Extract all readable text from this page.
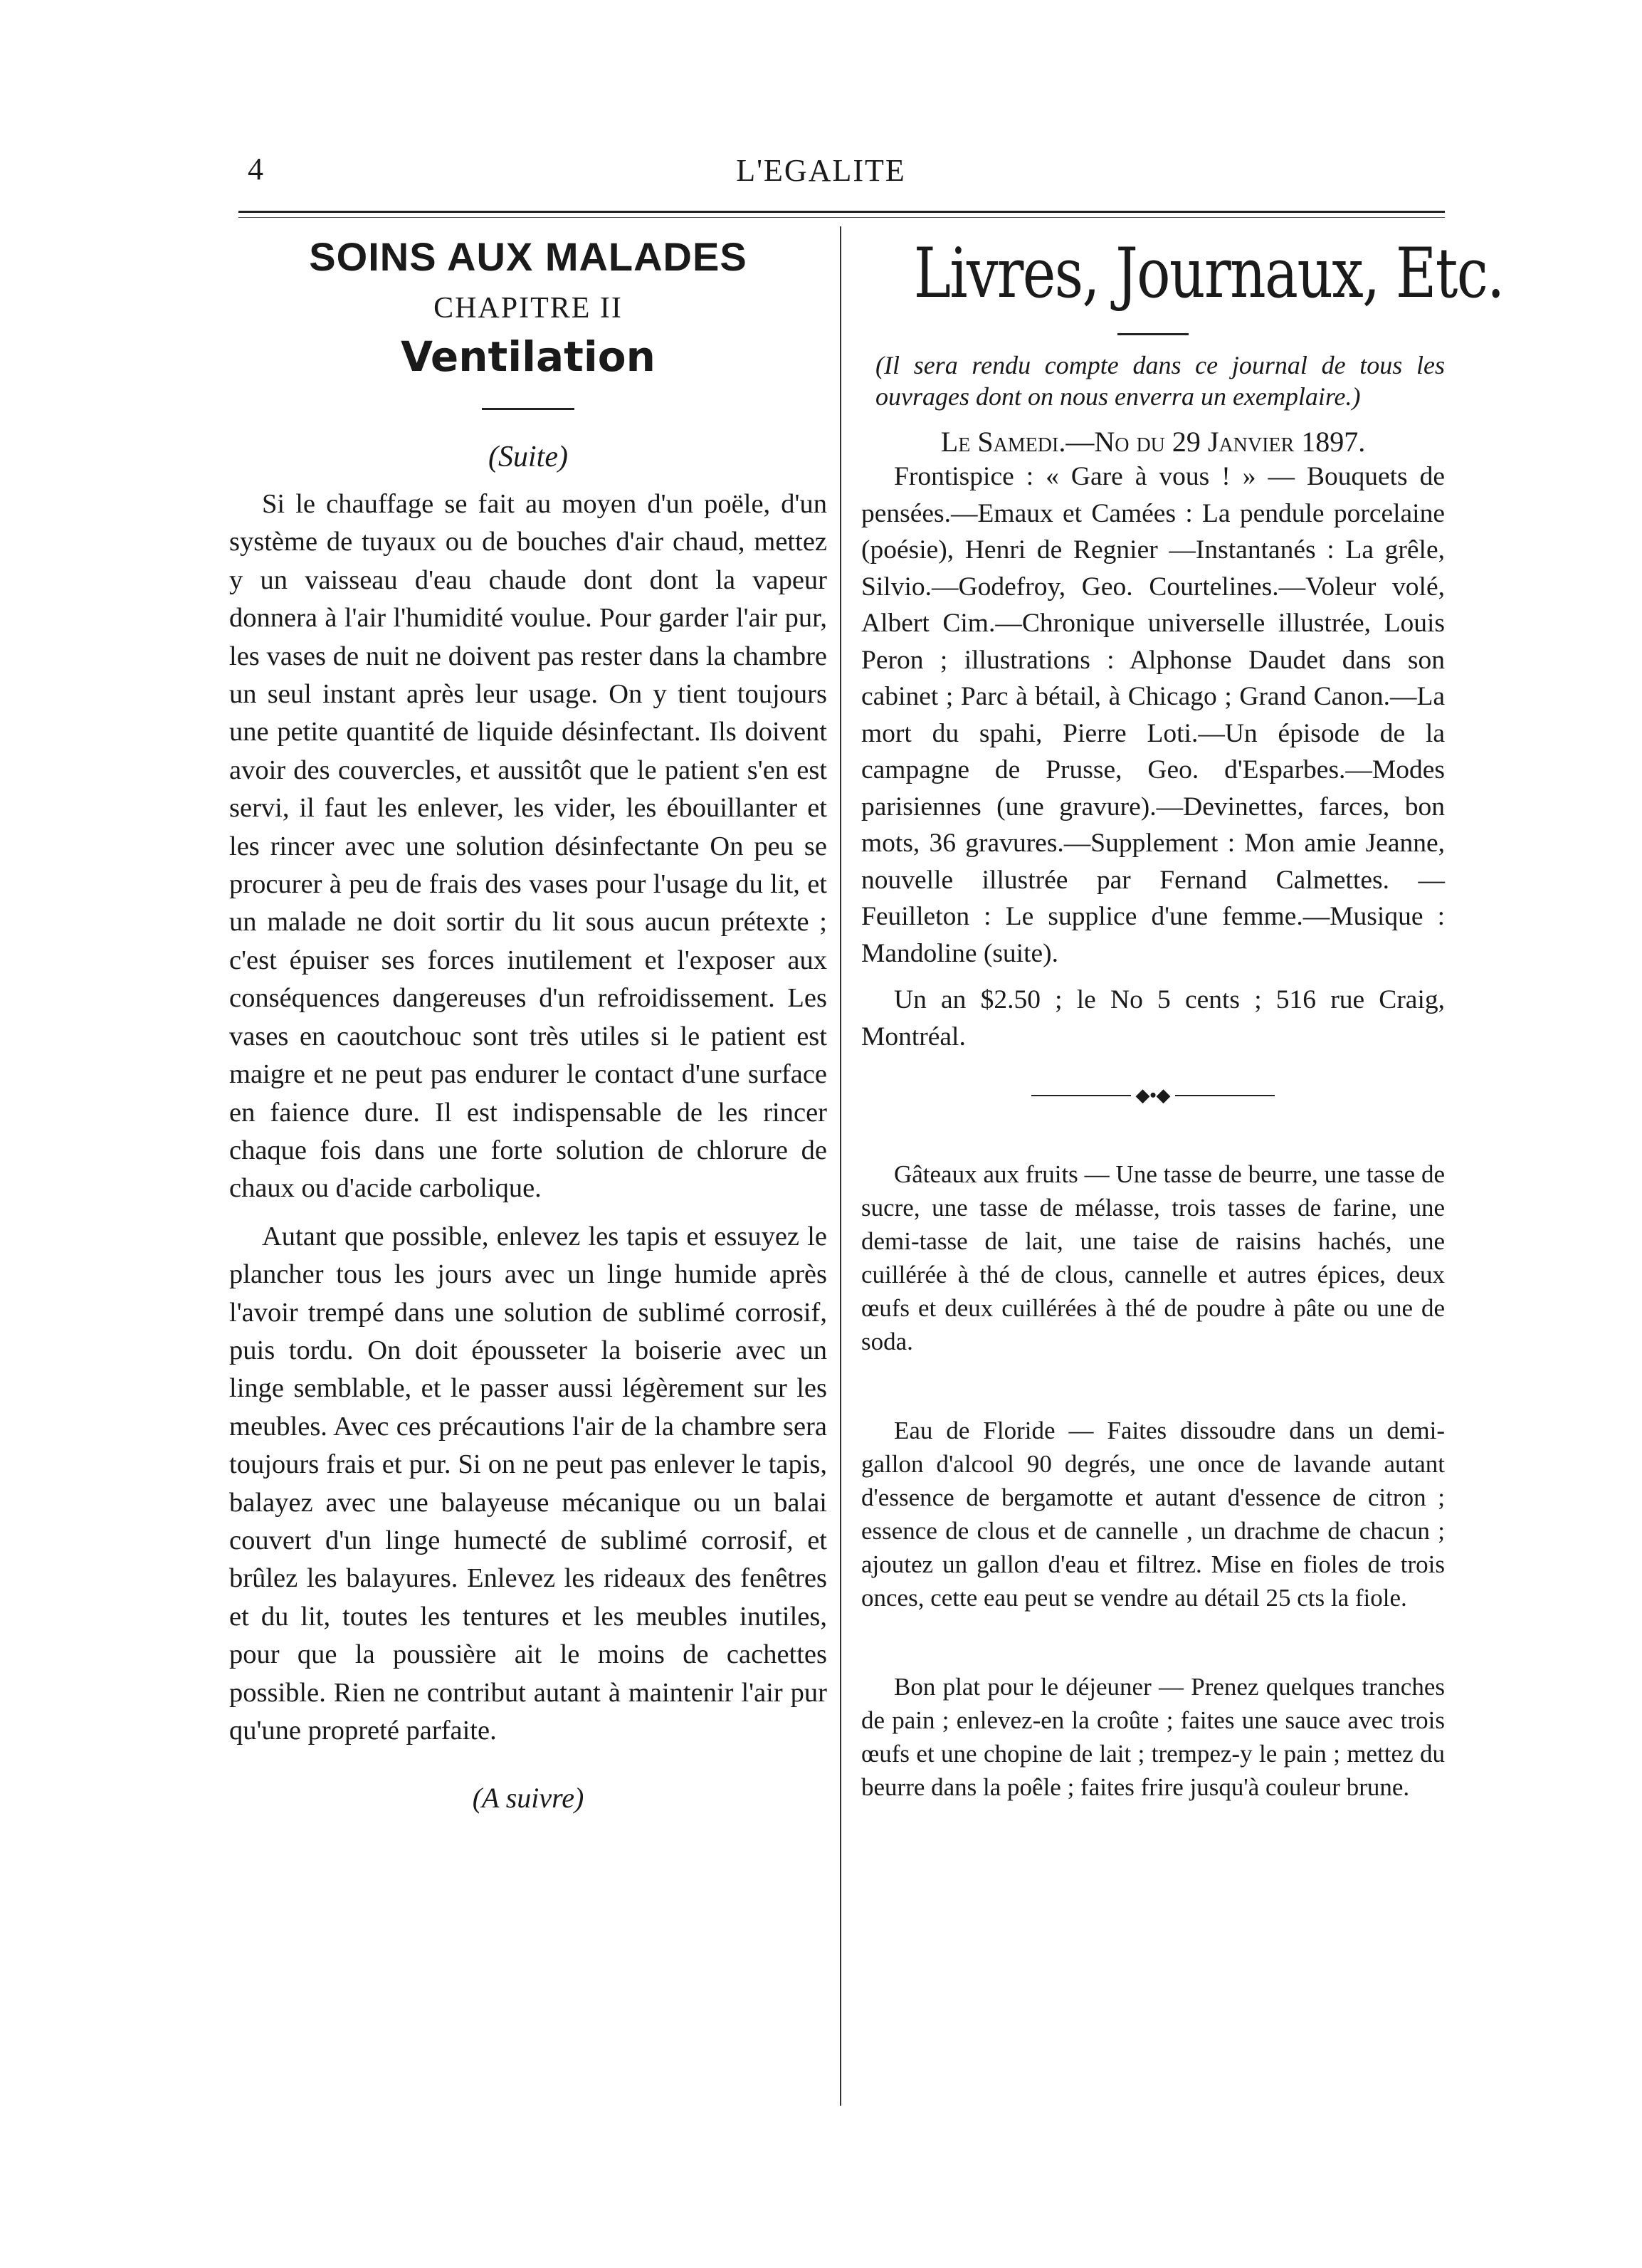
4	L'EGALITE
SOINS AUX MALADES
CHAPITRE II
Ventilation
(Suite)

Si le chauffage se fait au moyen d'un poële, d'un système de tuyaux ou de bouches d'air chaud, mettez y un vaisseau d'eau chaude dont dont la vapeur donnera à l'air l'humidité voulue. Pour garder l'air pur, les vases de nuit ne doivent pas rester dans la chambre un seul instant après leur usage. On y tient toujours une petite quantité de liquide désinfectant. Ils doivent avoir des couvercles, et aussitôt que le patient s'en est servi, il faut les enlever, les vider, les ébouillanter et les rincer avec une solution désinfectante On peu se procurer à peu de frais des vases pour l'usage du lit, et un malade ne doit sortir du lit sous aucun prétexte ; c'est épuiser ses forces inutilement et l'exposer aux conséquences dangereuses d'un refroidissement. Les vases en caoutchouc sont très utiles si le patient est maigre et ne peut pas endurer le contact d'une surface en faience dure. Il est indispensable de les rincer chaque fois dans une forte solution de chlorure de chaux ou d'acide carbolique.

Autant que possible, enlevez les tapis et essuyez le plancher tous les jours avec un linge humide après l'avoir trempé dans une solution de sublimé corrosif, puis tordu. On doit épousseter la boiserie avec un linge semblable, et le passer aussi légèrement sur les meubles. Avec ces précautions l'air de la chambre sera toujours frais et pur. Si on ne peut pas enlever le tapis, balayez avec une balayeuse mécanique ou un balai couvert d'un linge humecté de sublimé corrosif, et brûlez les balayures. Enlevez les rideaux des fenêtres et du lit, toutes les tentures et les meubles inutiles, pour que la poussière ait le moins de cachettes possible. Rien ne contribut autant à maintenir l'air pur qu'une propreté parfaite.

(A suivre)
Livres, Journaux, Etc.
(Il sera rendu compte dans ce journal de tous les ouvrages dont on nous enverra un exemplaire.)
Le Samedi.—No du 29 Janvier 1897.

Frontispice : « Gare à vous ! » — Bouquets de pensées.—Emaux et Camées : La pendule porcelaine (poésie), Henri de Regnier —Instantanés : La grêle, Silvio.—Godefroy, Geo. Courtelines.—Voleur volé, Albert Cim.—Chronique universelle illustrée, Louis Peron ; illustrations : Alphonse Daudet dans son cabinet ; Parc à bétail, à Chicago ; Grand Canon.—La mort du spahi, Pierre Loti.—Un épisode de la campagne de Prusse, Geo. d'Esparbes.—Modes parisiennes (une gravure).—Devinettes, farces, bon mots, 36 gravures.—Supplement : Mon amie Jeanne, nouvelle illustrée par Fernand Calmettes. — Feuilleton : Le supplice d'une femme.—Musique : Mandoline (suite).

Un an $2.50 ; le No 5 cents ; 516 rue Craig, Montréal.

◆•◆

Gâteaux aux fruits — Une tasse de beurre, une tasse de sucre, une tasse de mélasse, trois tasses de farine, une demi-tasse de lait, une taise de raisins hachés, une cuillérée à thé de clous, cannelle et autres épices, deux œufs et deux cuillérées à thé de poudre à pâte ou une de soda.

Eau de Floride — Faites dissoudre dans un demi-gallon d'alcool 90 degrés, une once de lavande autant d'essence de bergamotte et autant d'essence de citron ; essence de clous et de cannelle , un drachme de chacun ; ajoutez un gallon d'eau et filtrez. Mise en fioles de trois onces, cette eau peut se vendre au détail 25 cts la fiole.

Bon plat pour le déjeuner — Prenez quelques tranches de pain ; enlevez-en la croûte ; faites une sauce avec trois œufs et une chopine de lait ; trempez-y le pain ; mettez du beurre dans la poêle ; faites frire jusqu'à couleur brune.
